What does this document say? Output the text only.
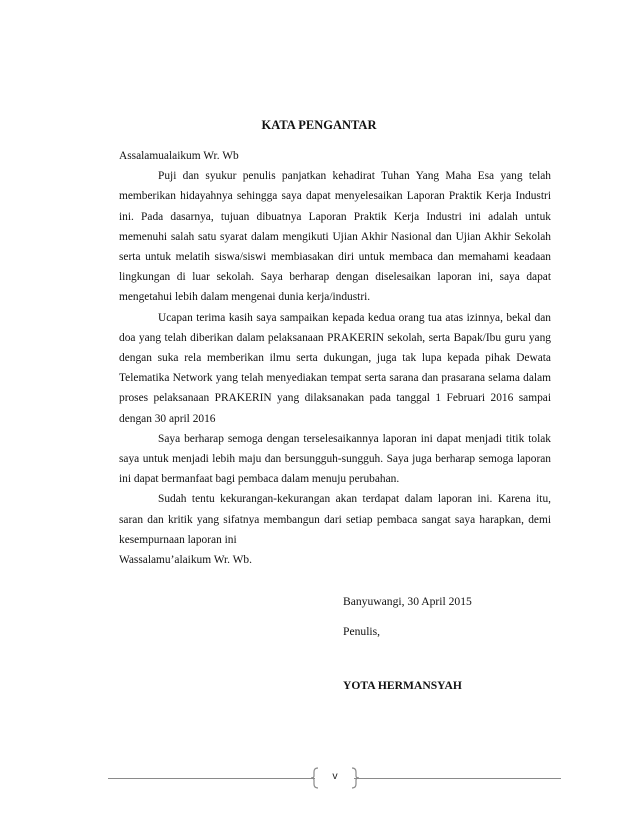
KATA PENGANTAR

Assalamualaikum Wr. Wb

Puji dan syukur penulis panjatkan kehadirat Tuhan Yang Maha Esa yang telah memberikan hidayahnya sehingga saya dapat menyelesaikan Laporan Praktik Kerja Industri ini. Pada dasarnya, tujuan dibuatnya Laporan Praktik Kerja Industri ini adalah untuk memenuhi salah satu syarat dalam mengikuti Ujian Akhir Nasional dan Ujian Akhir Sekolah serta untuk melatih siswa/siswi membiasakan diri untuk membaca dan memahami keadaan lingkungan di luar sekolah. Saya berharap dengan diselesaikan laporan ini, saya dapat mengetahui lebih dalam mengenai dunia kerja/industri.

Ucapan terima kasih saya sampaikan kepada kedua orang tua atas izinnya, bekal dan doa yang telah diberikan dalam pelaksanaan PRAKERIN sekolah, serta Bapak/Ibu guru yang dengan suka rela memberikan ilmu serta dukungan, juga tak lupa kepada pihak Dewata Telematika Network yang telah menyediakan tempat serta sarana dan prasarana selama dalam proses pelaksanaan PRAKERIN yang dilaksanakan pada tanggal 1 Februari 2016 sampai dengan 30 april 2016

Saya berharap semoga dengan terselesaikannya laporan ini dapat menjadi titik tolak saya untuk menjadi lebih maju dan bersungguh-sungguh. Saya juga berharap semoga laporan ini dapat bermanfaat bagi pembaca dalam menuju perubahan.

Sudah tentu kekurangan-kekurangan akan terdapat dalam laporan ini. Karena itu, saran dan kritik yang sifatnya membangun dari setiap pembaca sangat saya harapkan, demi kesempurnaan laporan ini

Wassalamu’alaikum Wr. Wb.

Banyuwangi, 30 April 2015
Penulis,
YOTA HERMANSYAH
v
